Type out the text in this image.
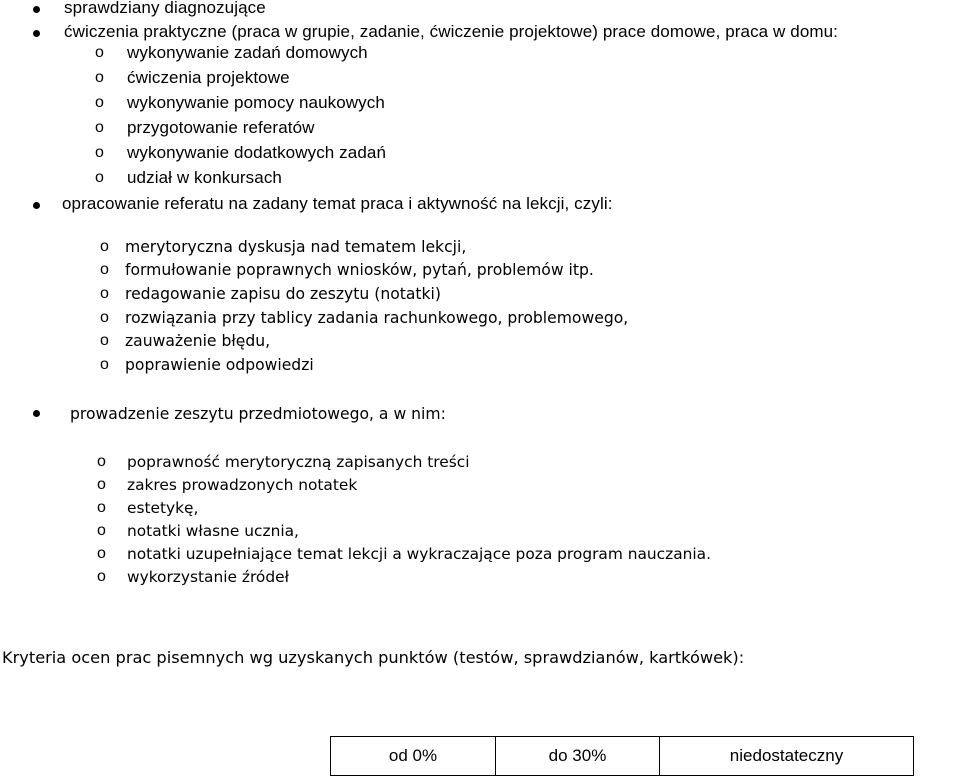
sprawdziany diagnozujące
ćwiczenia praktyczne (praca w grupie, zadanie, ćwiczenie projektowe) prace domowe, praca w domu:
o wykonywanie zadań domowych
o ćwiczenia projektowe
o wykonywanie pomocy naukowych
o przygotowanie referatów
o wykonywanie dodatkowych zadań
o udział w konkursach
opracowanie referatu na zadany temat praca i aktywność na lekcji, czyli:
o merytoryczna dyskusja nad tematem lekcji,
o formułowanie poprawnych wniosków, pytań, problemów itp.
o redagowanie zapisu do zeszytu (notatki)
o rozwiązania przy tablicy zadania rachunkowego, problemowego,
o zauważenie błędu,
o poprawienie odpowiedzi
prowadzenie zeszytu przedmiotowego, a w nim:
o poprawność merytoryczną zapisanych treści
o zakres prowadzonych notatek
o estetykę,
o notatki własne ucznia,
o notatki uzupełniające temat lekcji a wykraczające poza program nauczania.
o wykorzystanie źródeł
Kryteria ocen prac pisemnych wg uzyskanych punktów (testów, sprawdzianów, kartkówek):
od 0%	do 30%	niedostateczny
